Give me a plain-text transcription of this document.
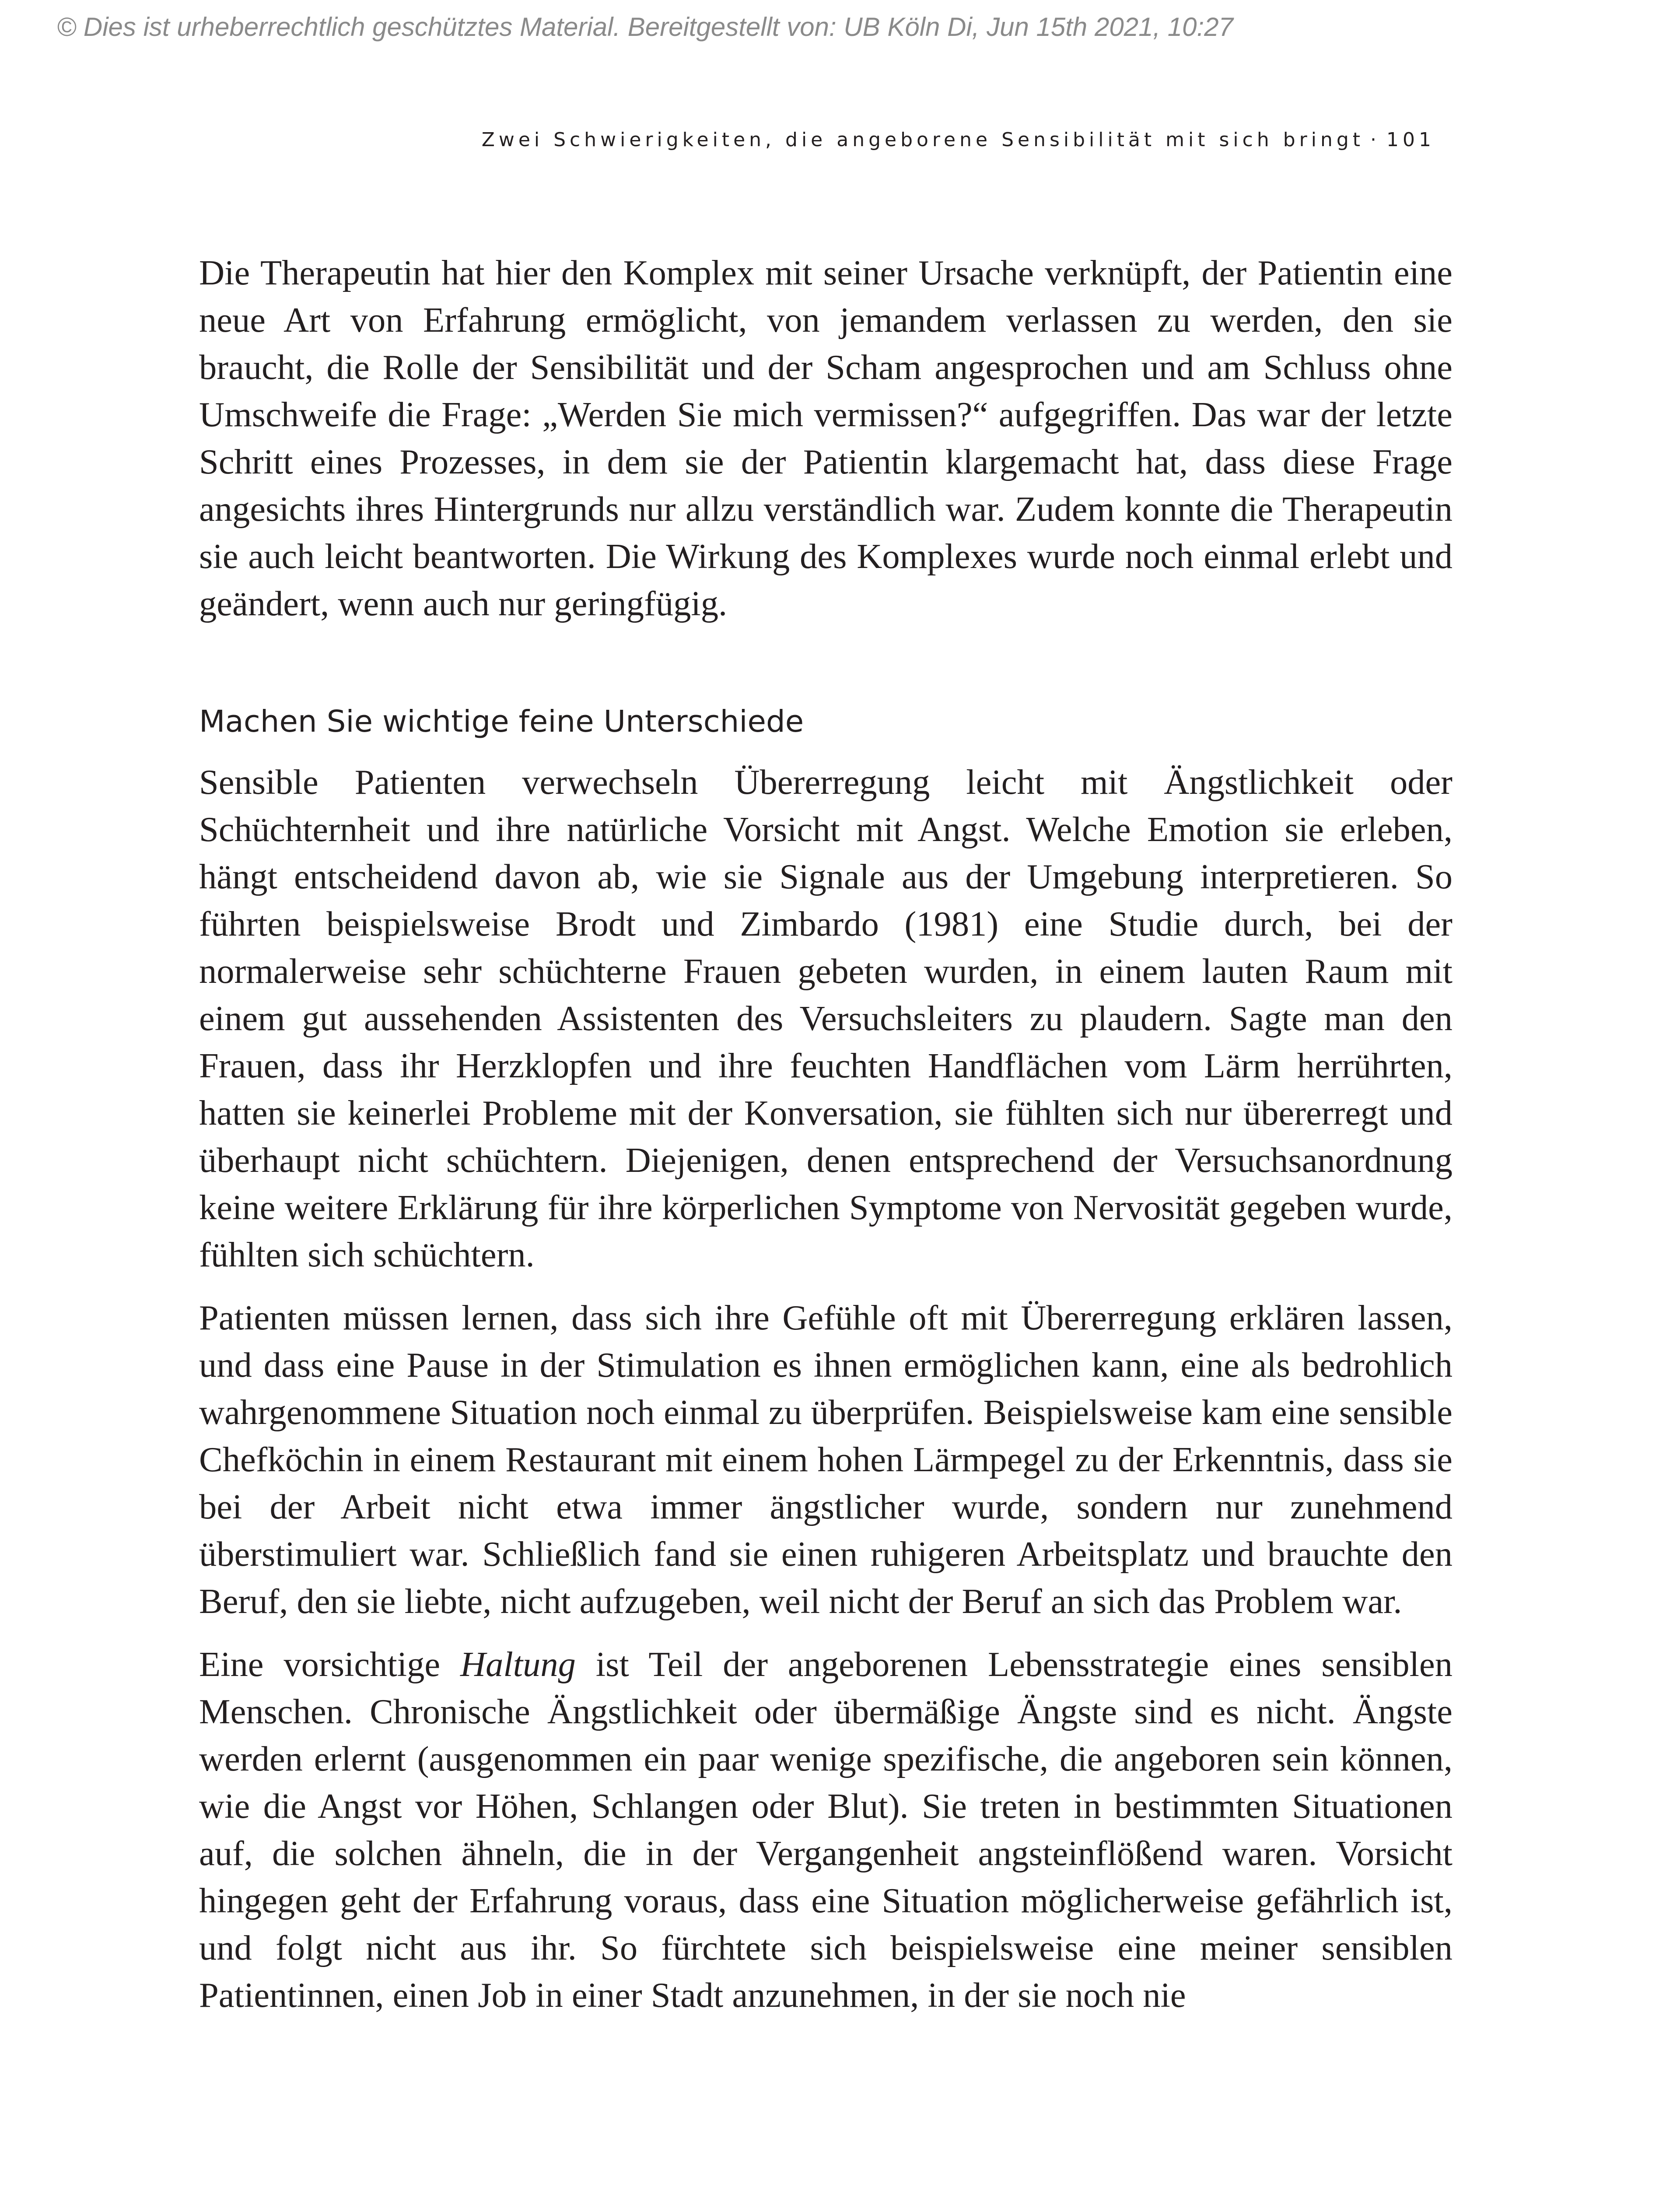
© Dies ist urheberrechtlich geschütztes Material. Bereitgestellt von: UB Köln Di, Jun 15th 2021, 10:27
Zwei Schwierigkeiten, die angeborene Sensibilität mit sich bringt · 101

Die Therapeutin hat hier den Komplex mit seiner Ursache verknüpft, der Patientin eine neue Art von Erfahrung ermöglicht, von jemandem verlassen zu werden, den sie braucht, die Rolle der Sensibilität und der Scham angesprochen und am Schluss ohne Umschweife die Frage: „Werden Sie mich vermissen?“ aufgegriffen. Das war der letzte Schritt eines Prozesses, in dem sie der Patientin klargemacht hat, dass diese Frage angesichts ihres Hintergrunds nur allzu verständlich war. Zudem konnte die Therapeutin sie auch leicht beantworten. Die Wirkung des Komplexes wurde noch einmal erlebt und geändert, wenn auch nur geringfügig.

Machen Sie wichtige feine Unterschiede

Sensible Patienten verwechseln Übererregung leicht mit Ängstlichkeit oder Schüchternheit und ihre natürliche Vorsicht mit Angst. Welche Emotion sie erleben, hängt entscheidend davon ab, wie sie Signale aus der Umgebung interpretieren. So führten beispielsweise Brodt und Zimbardo (1981) eine Studie durch, bei der normalerweise sehr schüchterne Frauen gebeten wurden, in einem lauten Raum mit einem gut aussehenden Assistenten des Versuchsleiters zu plaudern. Sagte man den Frauen, dass ihr Herzklopfen und ihre feuchten Handflächen vom Lärm herrührten, hatten sie keinerlei Probleme mit der Konversation, sie fühlten sich nur übererregt und überhaupt nicht schüchtern. Diejenigen, denen entsprechend der Versuchsanordnung keine weitere Erklärung für ihre körperlichen Symptome von Nervosität gegeben wurde, fühlten sich schüchtern.

Patienten müssen lernen, dass sich ihre Gefühle oft mit Übererregung erklären lassen, und dass eine Pause in der Stimulation es ihnen ermöglichen kann, eine als bedrohlich wahrgenommene Situation noch einmal zu überprüfen. Beispielsweise kam eine sensible Chefköchin in einem Restaurant mit einem hohen Lärmpegel zu der Erkenntnis, dass sie bei der Arbeit nicht etwa immer ängstlicher wurde, sondern nur zunehmend überstimuliert war. Schließlich fand sie einen ruhigeren Arbeitsplatz und brauchte den Beruf, den sie liebte, nicht aufzugeben, weil nicht der Beruf an sich das Problem war.

Eine vorsichtige Haltung ist Teil der angeborenen Lebensstrategie eines sensiblen Menschen. Chronische Ängstlichkeit oder übermäßige Ängste sind es nicht. Ängste werden erlernt (ausgenommen ein paar wenige spezifische, die angeboren sein können, wie die Angst vor Höhen, Schlangen oder Blut). Sie treten in bestimmten Situationen auf, die solchen ähneln, die in der Vergangenheit angsteinflößend waren. Vorsicht hingegen geht der Erfahrung voraus, dass eine Situation möglicherweise gefährlich ist, und folgt nicht aus ihr. So fürchtete sich beispielsweise eine meiner sensiblen Patientinnen, einen Job in einer Stadt anzunehmen, in der sie noch nie
